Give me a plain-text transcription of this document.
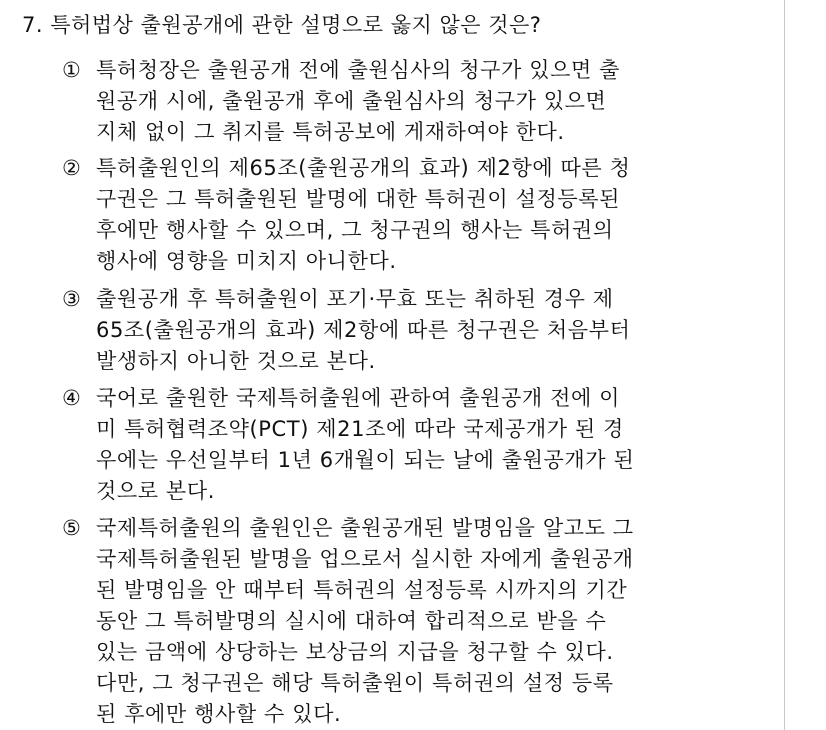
7. 특허법상 출원공개에 관한 설명으로 옳지 않은 것은?
① 특허청장은 출원공개 전에 출원심사의 청구가 있으면 출
원공개 시에, 출원공개 후에 출원심사의 청구가 있으면
지체 없이 그 취지를 특허공보에 게재하여야 한다.
② 특허출원인의 제65조(출원공개의 효과) 제2항에 따른 청
구권은 그 특허출원된 발명에 대한 특허권이 설정등록된
후에만 행사할 수 있으며, 그 청구권의 행사는 특허권의
행사에 영향을 미치지 아니한다.
③ 출원공개 후 특허출원이 포기·무효 또는 취하된 경우 제
65조(출원공개의 효과) 제2항에 따른 청구권은 처음부터
발생하지 아니한 것으로 본다.
④ 국어로 출원한 국제특허출원에 관하여 출원공개 전에 이
미 특허협력조약(PCT) 제21조에 따라 국제공개가 된 경
우에는 우선일부터 1년 6개월이 되는 날에 출원공개가 된
것으로 본다.
⑤ 국제특허출원의 출원인은 출원공개된 발명임을 알고도 그
국제특허출원된 발명을 업으로서 실시한 자에게 출원공개
된 발명임을 안 때부터 특허권의 설정등록 시까지의 기간
동안 그 특허발명의 실시에 대하여 합리적으로 받을 수
있는 금액에 상당하는 보상금의 지급을 청구할 수 있다.
다만, 그 청구권은 해당 특허출원이 특허권의 설정 등록
된 후에만 행사할 수 있다.
